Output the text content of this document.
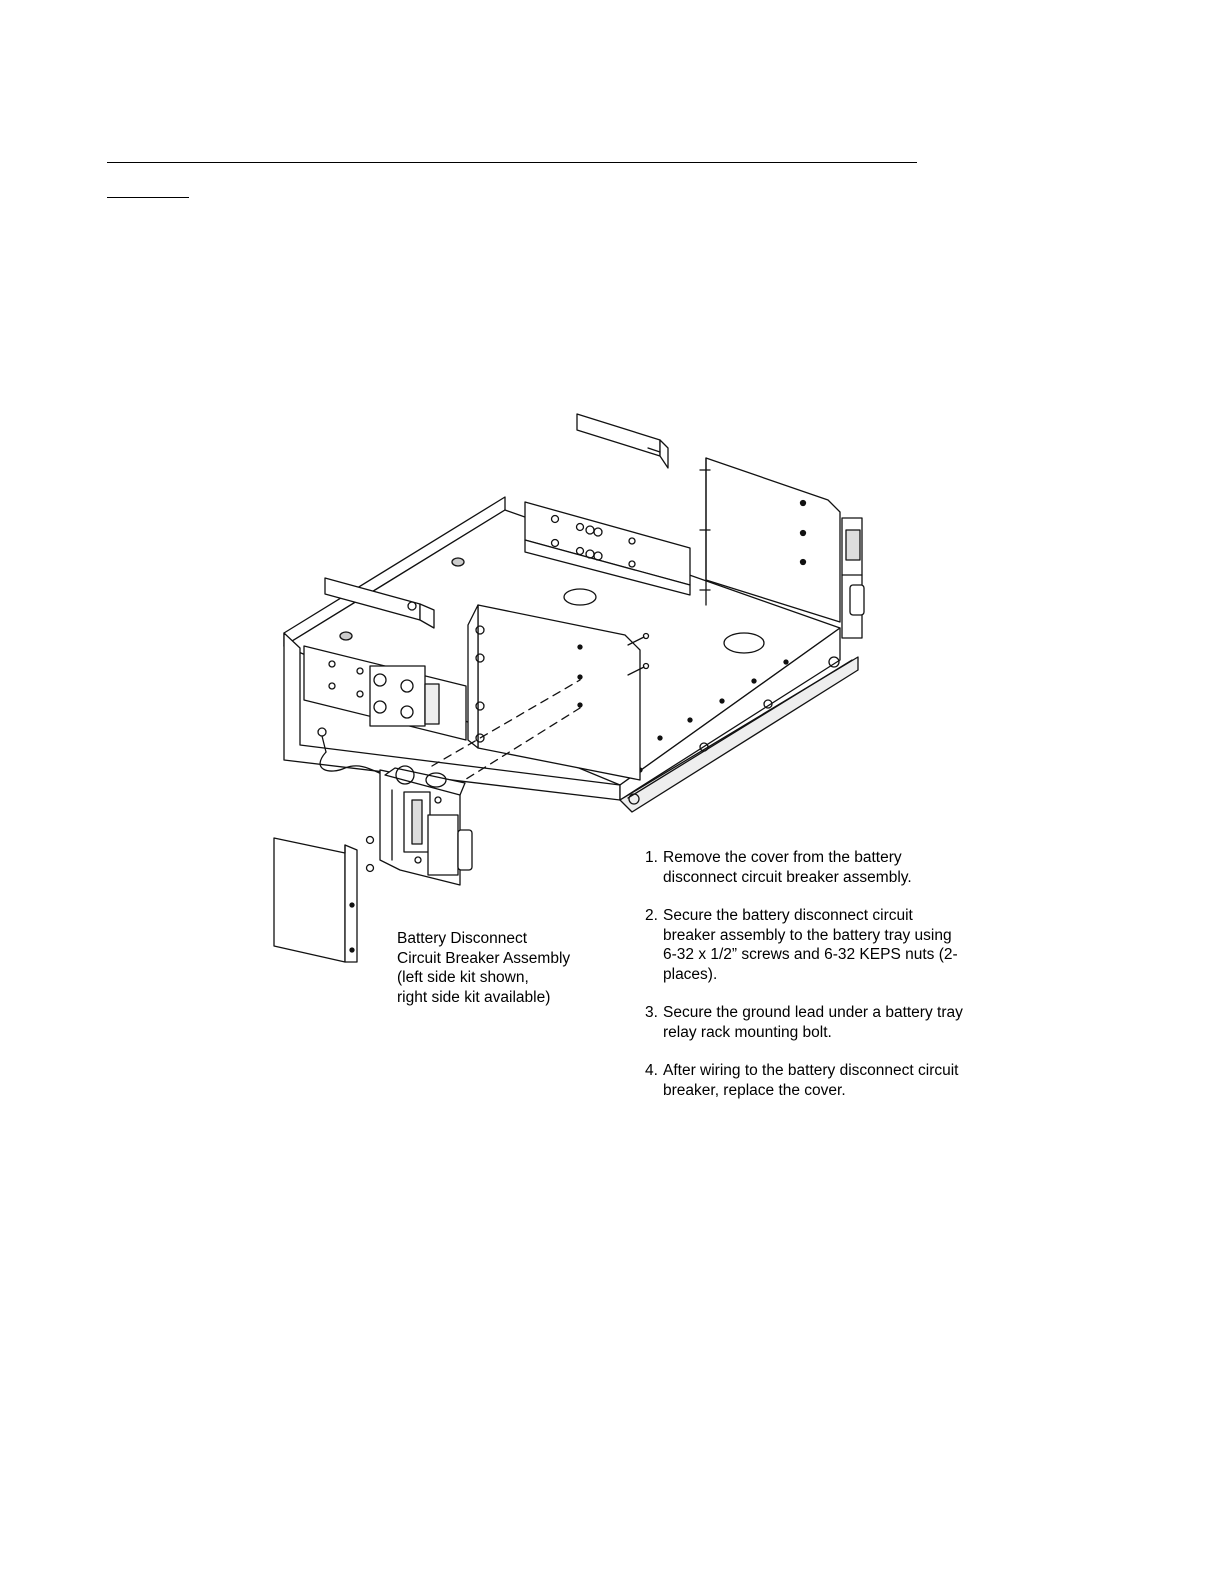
Battery Disconnect
Circuit Breaker Assembly
(left side kit shown,
right side kit available)

1. Remove the cover from the battery disconnect circuit breaker assembly.
2. Secure the battery disconnect circuit breaker assembly to the battery tray using 6-32 x 1/2” screws and 6-32 KEPS nuts (2-places).
3. Secure the ground lead under a battery tray relay rack mounting bolt.
4. After wiring to the battery disconnect circuit breaker, replace the cover.
